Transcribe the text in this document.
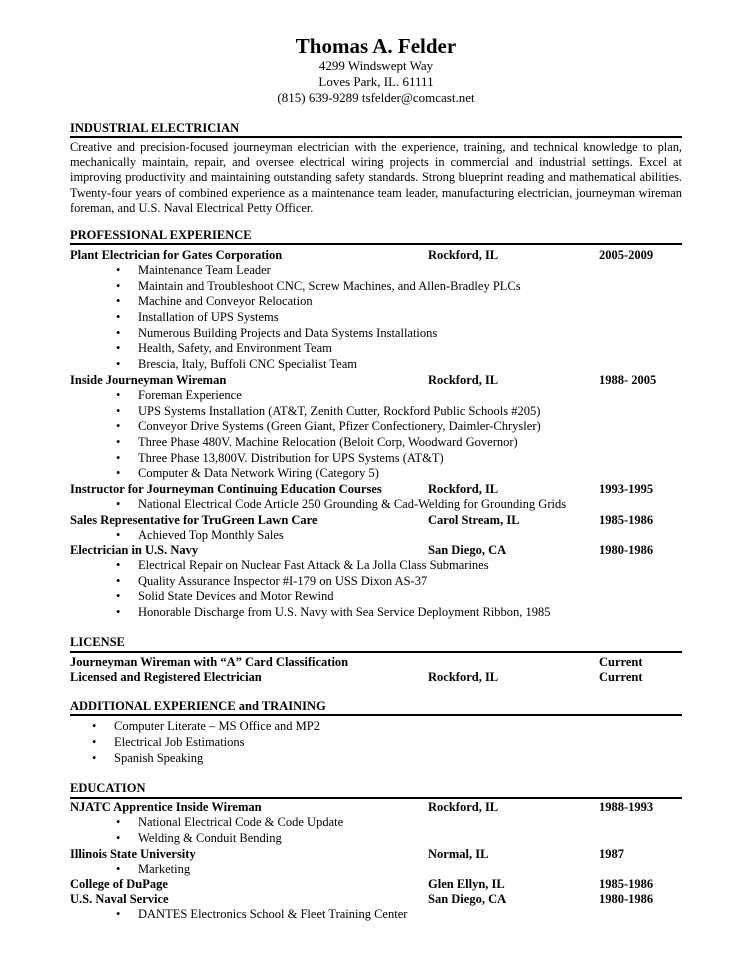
Thomas A. Felder
4299 Windswept Way
Loves Park, IL. 61111
(815) 639-9289 tsfelder@comcast.net
INDUSTRIAL ELECTRICIAN
Creative and precision-focused journeyman electrician with the experience, training, and technical knowledge to plan, mechanically maintain, repair, and oversee electrical wiring projects in commercial and industrial settings. Excel at improving productivity and maintaining outstanding safety standards. Strong blueprint reading and mathematical abilities. Twenty-four years of combined experience as a maintenance team leader, manufacturing electrician, journeyman wireman foreman, and U.S. Naval Electrical Petty Officer.
PROFESSIONAL EXPERIENCE
Plant Electrician for Gates Corporation	Rockford, IL	2005-2009
• Maintenance Team Leader
• Maintain and Troubleshoot CNC, Screw Machines, and Allen-Bradley PLCs
• Machine and Conveyor Relocation
• Installation of UPS Systems
• Numerous Building Projects and Data Systems Installations
• Health, Safety, and Environment Team
• Brescia, Italy, Buffoli CNC Specialist Team
Inside Journeyman Wireman	Rockford, IL	1988- 2005
• Foreman Experience
• UPS Systems Installation (AT&T, Zenith Cutter, Rockford Public Schools #205)
• Conveyor Drive Systems (Green Giant, Pfizer Confectionery, Daimler-Chrysler)
• Three Phase 480V. Machine Relocation (Beloit Corp, Woodward Governor)
• Three Phase 13,800V. Distribution for UPS Systems (AT&T)
• Computer & Data Network Wiring (Category 5)
Instructor for Journeyman Continuing Education Courses	Rockford, IL	1993-1995
• National Electrical Code Article 250 Grounding & Cad-Welding for Grounding Grids
Sales Representative for TruGreen Lawn Care	Carol Stream, IL	1985-1986
• Achieved Top Monthly Sales
Electrician in U.S. Navy	San Diego, CA	1980-1986
• Electrical Repair on Nuclear Fast Attack & La Jolla Class Submarines
• Quality Assurance Inspector #I-179 on USS Dixon AS-37
• Solid State Devices and Motor Rewind
• Honorable Discharge from U.S. Navy with Sea Service Deployment Ribbon, 1985
LICENSE
Journeyman Wireman with “A” Card Classification	Current
Licensed and Registered Electrician	Rockford, IL	Current
ADDITIONAL EXPERIENCE and TRAINING
• Computer Literate – MS Office and MP2
• Electrical Job Estimations
• Spanish Speaking
EDUCATION
NJATC Apprentice Inside Wireman	Rockford, IL	1988-1993
• National Electrical Code & Code Update
• Welding & Conduit Bending
Illinois State University	Normal, IL	1987
• Marketing
College of DuPage	Glen Ellyn, IL	1985-1986
U.S. Naval Service	San Diego, CA	1980-1986
• DANTES Electronics School & Fleet Training Center
